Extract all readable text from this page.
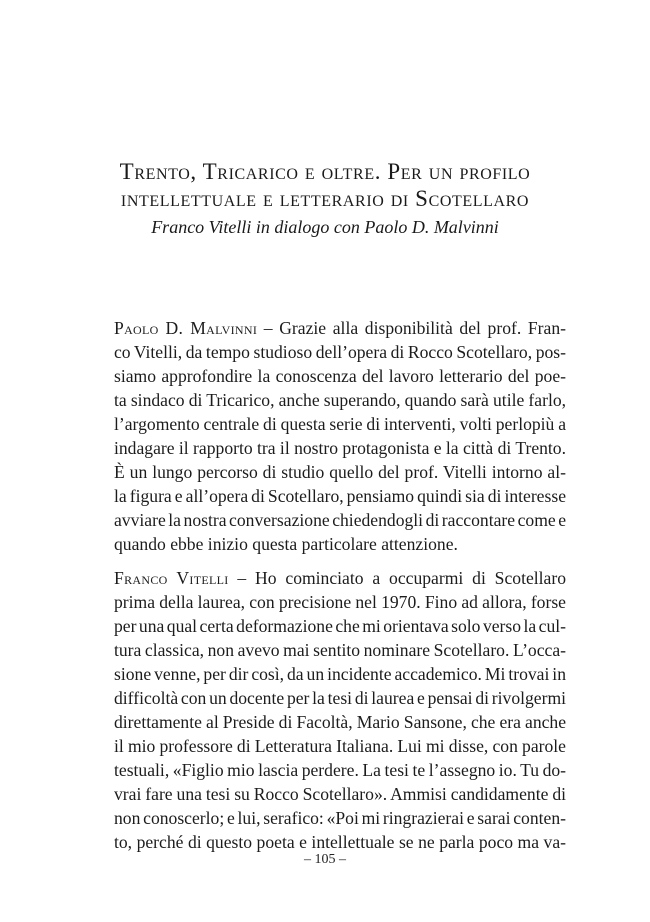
Trento, Tricarico e oltre. Per un profilo
intellettuale e letterario di Scotellaro
Franco Vitelli in dialogo con Paolo D. Malvinni
Paolo D. Malvinni – Grazie alla disponibilità del prof. Fran-
co Vitelli, da tempo studioso dell’opera di Rocco Scotellaro, pos-
siamo approfondire la conoscenza del lavoro letterario del poe-
ta sindaco di Tricarico, anche superando, quando sarà utile farlo,
l’argomento centrale di questa serie di interventi, volti perlopiù a
indagare il rapporto tra il nostro protagonista e la città di Trento.
È un lungo percorso di studio quello del prof. Vitelli intorno al-
la figura e all’opera di Scotellaro, pensiamo quindi sia di interesse
avviare la nostra conversazione chiedendogli di raccontare come e
quando ebbe inizio questa particolare attenzione.
Franco Vitelli – Ho cominciato a occuparmi di Scotellaro
prima della laurea, con precisione nel 1970. Fino ad allora, forse
per una qual certa deformazione che mi orientava solo verso la cul-
tura classica, non avevo mai sentito nominare Scotellaro. L’occa-
sione venne, per dir così, da un incidente accademico. Mi trovai in
difficoltà con un docente per la tesi di laurea e pensai di rivolgermi
direttamente al Preside di Facoltà, Mario Sansone, che era anche
il mio professore di Letteratura Italiana. Lui mi disse, con parole
testuali, «Figlio mio lascia perdere. La tesi te l’assegno io. Tu do-
vrai fare una tesi su Rocco Scotellaro». Ammisi candidamente di
non conoscerlo; e lui, serafico: «Poi mi ringrazierai e sarai conten-
to, perché di questo poeta e intellettuale se ne parla poco ma va-
– 105 –
